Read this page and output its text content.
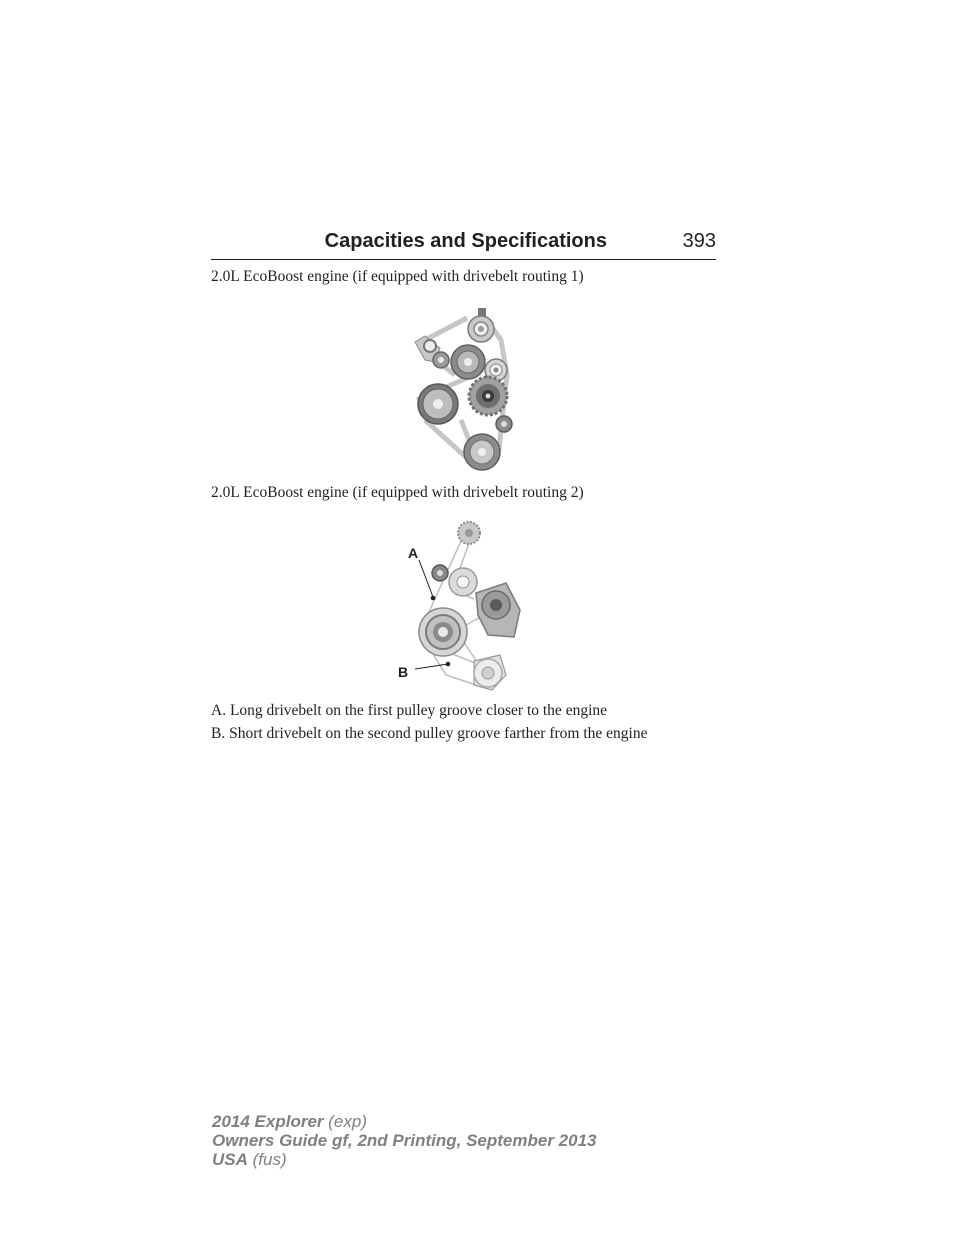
Capacities and Specifications	393
2.0L EcoBoost engine (if equipped with drivebelt routing 1)
2.0L EcoBoost engine (if equipped with drivebelt routing 2)
A
B
A. Long drivebelt on the first pulley groove closer to the engine
B. Short drivebelt on the second pulley groove farther from the engine
2014 Explorer (exp)
Owners Guide gf, 2nd Printing, September 2013
USA (fus)
